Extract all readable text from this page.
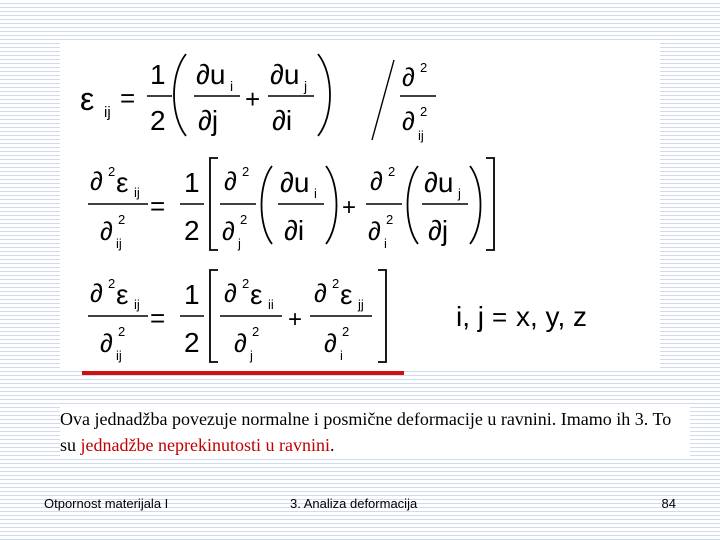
ε ij =
1
2
∂u i
∂j
+
∂u j
∂i
∂ 2
∂ 2
ij
∂ 2 ε ij
∂ 2
ij
=
1
2
∂ 2
∂ 2
j
∂u i
∂i
+
∂ 2
∂ 2
i
∂u j
∂j
∂ 2 ε ij
∂ 2
ij
=
1
2
∂ 2 ε ii
∂ 2
j
+
∂ 2 ε jj
∂ 2
i
i, j = x, y, z
Ova jednadžba povezuje normalne i posmične deformacije u ravnini. Imamo ih 3. To su jednadžbe neprekinutosti u ravnini.
Otpornost materijala I	3. Analiza deformacija	84
